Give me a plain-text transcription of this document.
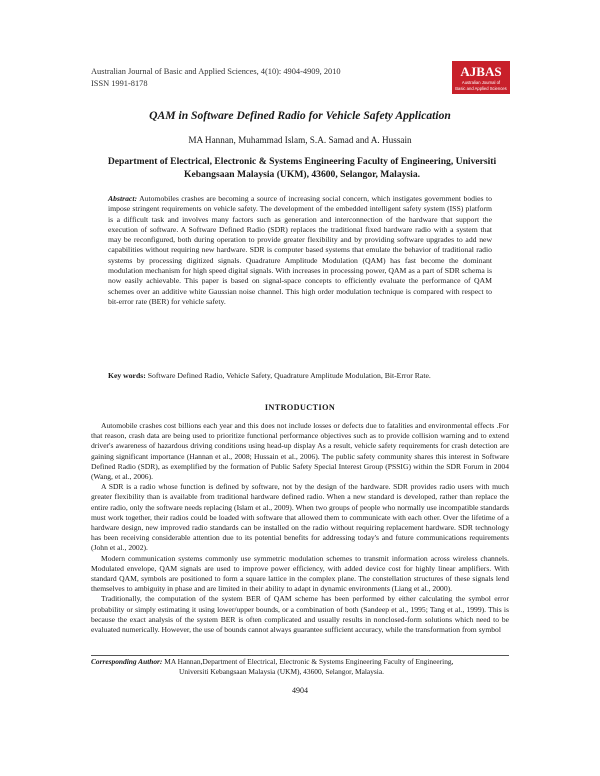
Australian Journal of Basic and Applied Sciences, 4(10): 4904-4909, 2010
ISSN 1991-8178
AJBAS
Australian Journal of
Basic and Applied Sciences
QAM in Software Defined Radio for Vehicle Safety Application
MA Hannan, Muhammad Islam, S.A. Samad and A. Hussain
Department of Electrical, Electronic & Systems Engineering Faculty of Engineering, Universiti Kebangsaan Malaysia (UKM), 43600, Selangor, Malaysia.
Abstract: Automobiles crashes are becoming a source of increasing social concern, which instigates government bodies to impose stringent requirements on vehicle safety. The development of the embedded intelligent safety system (ISS) platform is a difficult task and involves many factors such as generation and interconnection of the hardware that support the execution of software. A Software Defined Radio (SDR) replaces the traditional fixed hardware radio with a system that may be reconfigured, both during operation to provide greater flexibility and by providing software upgrades to add new capabilities without requiring new hardware. SDR is computer based systems that emulate the behavior of traditional radio systems by processing digitized signals. Quadrature Amplitude Modulation (QAM) has fast become the dominant modulation mechanism for high speed digital signals. With increases in processing power, QAM as a part of SDR schema is now easily achievable. This paper is based on signal-space concepts to efficiently evaluate the performance of QAM schemes over an additive white Gaussian noise channel. This high order modulation technique is compared with respect to bit-error rate (BER) for vehicle safety.
Key words: Software Defined Radio, Vehicle Safety, Quadrature Amplitude Modulation, Bit-Error Rate.
INTRODUCTION

Automobile crashes cost billions each year and this does not include losses or defects due to fatalities and environmental effects .For that reason, crash data are being used to prioritize functional performance objectives such as to provide collision warning and to extend driver's awareness of hazardous driving conditions using head-up display As a result, vehicle safety requirements for crash detection are gaining significant importance (Hannan et al., 2008; Hussain et al., 2006). The public safety community shares this interest in Software Defined Radio (SDR), as exemplified by the formation of Public Safety Special Interest Group (PSSIG) within the SDR Forum in 2004 (Wang, et al., 2006).

A SDR is a radio whose function is defined by software, not by the design of the hardware. SDR provides radio users with much greater flexibility than is available from traditional hardware defined radio. When a new standard is developed, rather than replace the entire radio, only the software needs replacing (Islam et al., 2009). When two groups of people who normally use incompatible standards must work together, their radios could be loaded with software that allowed them to communicate with each other. Over the lifetime of a hardware design, new improved radio standards can be installed on the radio without requiring replacement hardware. SDR technology has been receiving considerable attention due to its potential benefits for addressing today's and future communications requirements (John et al., 2002).

Modern communication systems commonly use symmetric modulation schemes to transmit information across wireless channels. Modulated envelope, QAM signals are used to improve power efficiency, with added device cost for highly linear amplifiers. With standard QAM, symbols are positioned to form a square lattice in the complex plane. The constellation structures of these signals lend themselves to ambiguity in phase and are limited in their ability to adapt in dynamic environments (Liang et al., 2000).

Traditionally, the computation of the system BER of QAM scheme has been performed by either calculating the symbol error probability or simply estimating it using lower/upper bounds, or a combination of both (Sandeep et al., 1995; Tang et al., 1999). This is because the exact analysis of the system BER is often complicated and usually results in nonclosed-form solutions which need to be evaluated numerically. However, the use of bounds cannot always guarantee sufficient accuracy, while the transformation from symbol

Corresponding Author: MA Hannan,Department of Electrical, Electronic & Systems Engineering Faculty of Engineering,
Universiti Kebangsaan Malaysia (UKM), 43600, Selangor, Malaysia.
4904
